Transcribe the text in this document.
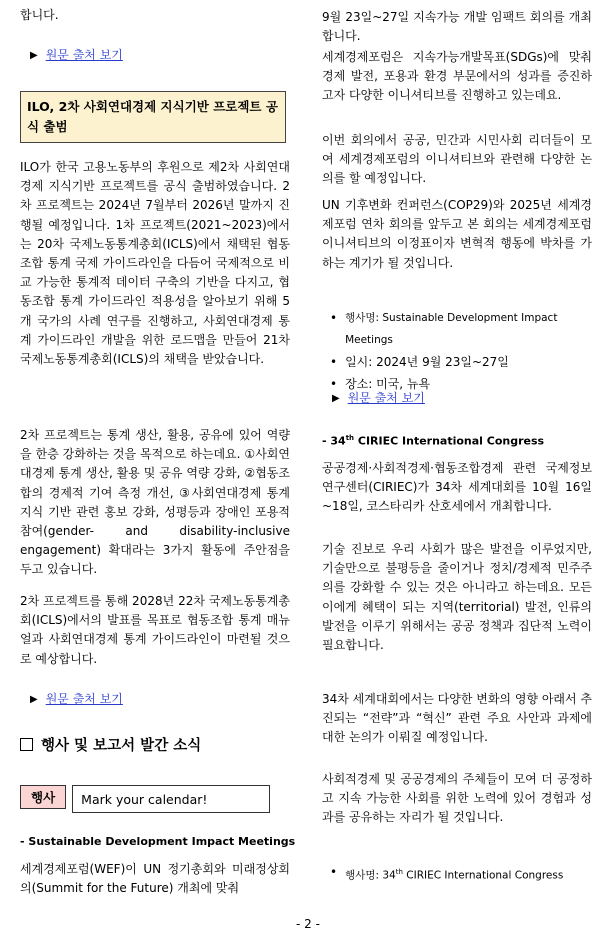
합니다.

▶ 원문 출처 보기
ILO, 2차 사회연대경제 지식기반 프로젝트 공식 출범

ILO가 한국 고용노동부의 후원으로 제2차 사회연대경제 지식기반 프로젝트를 공식 출범하였습니다. 2차 프로젝트는 2024년 7월부터 2026년 말까지 진행될 예정입니다. 1차 프로젝트(2021~2023)에서는 20차 국제노동통계총회(ICLS)에서 채택된 협동조합 통계 국제 가이드라인을 다듬어 국제적으로 비교 가능한 통계적 데이터 구축의 기반을 다지고, 협동조합 통계 가이드라인 적용성을 알아보기 위해 5개 국가의 사례 연구를 진행하고, 사회연대경제 통계 가이드라인 개발을 위한 로드맵을 만들어 21차 국제노동통계총회(ICLS)의 채택을 받았습니다.

2차 프로젝트는 통계 생산, 활용, 공유에 있어 역량을 한층 강화하는 것을 목적으로 하는데요. ①사회연대경제 통계 생산, 활용 및 공유 역량 강화, ②협동조합의 경제적 기여 측정 개선, ③사회연대경제 통계 지식 기반 관련 홍보 강화, 성평등과 장애인 포용적 참여(gender- and disability-inclusive engagement) 확대라는 3가지 활동에 주안점을 두고 있습니다.

2차 프로젝트를 통해 2028년 22차 국제노동통계총회(ICLS)에서의 발표를 목표로 협동조합 통계 매뉴얼과 사회연대경제 통계 가이드라인이 마련될 것으로 예상합니다.

▶ 원문 출처 보기
행사 및 보고서 발간 소식
행사	Mark your calendar!
- Sustainable Development Impact Meetings

세계경제포럼(WEF)이 UN 정기총회와 미래정상회의(Summit for the Future) 개최에 맞춰

9월 23일~27일 지속가능 개발 임팩트 회의를 개최합니다.

세계경제포럼은 지속가능개발목표(SDGs)에 맞춰 경제 발전, 포용과 환경 부문에서의 성과를 증진하고자 다양한 이니셔티브를 진행하고 있는데요.

이번 회의에서 공공, 민간과 시민사회 리더들이 모여 세계경제포럼의 이니셔티브와 관련해 다양한 논의를 할 예정입니다.

UN 기후변화 컨퍼런스(COP29)와 2025년 세계경제포럼 연차 회의를 앞두고 본 회의는 세계경제포럼 이니셔티브의 이정표이자 변혁적 행동에 박차를 가하는 계기가 될 것입니다.

• 행사명: Sustainable Development Impact Meetings
• 일시: 2024년 9월 23일~27일
• 장소: 미국, 뉴욕
▶ 원문 출처 보기
- 34th CIRIEC International Congress

공공경제·사회적경제·협동조합경제 관련 국제정보연구센터(CIRIEC)가 34차 세계대회를 10월 16일~18일, 코스타리카 산호세에서 개최합니다.

기술 진보로 우리 사회가 많은 발전을 이루었지만, 기술만으로 불평등을 줄이거나 정치/경제적 민주주의를 강화할 수 있는 것은 아니라고 하는데요. 모든 이에게 혜택이 되는 지역(territorial) 발전, 인류의 발전을 이루기 위해서는 공공 정책과 집단적 노력이 필요합니다.

34차 세계대회에서는 다양한 변화의 영향 아래서 추진되는 “전략”과 “혁신” 관련 주요 사안과 과제에 대한 논의가 이뤄질 예정입니다.

사회적경제 및 공공경제의 주체들이 모여 더 공정하고 지속 가능한 사회를 위한 노력에 있어 경험과 성과를 공유하는 자리가 될 것입니다.

• 행사명: 34th CIRIEC International Congress
- 2 -
